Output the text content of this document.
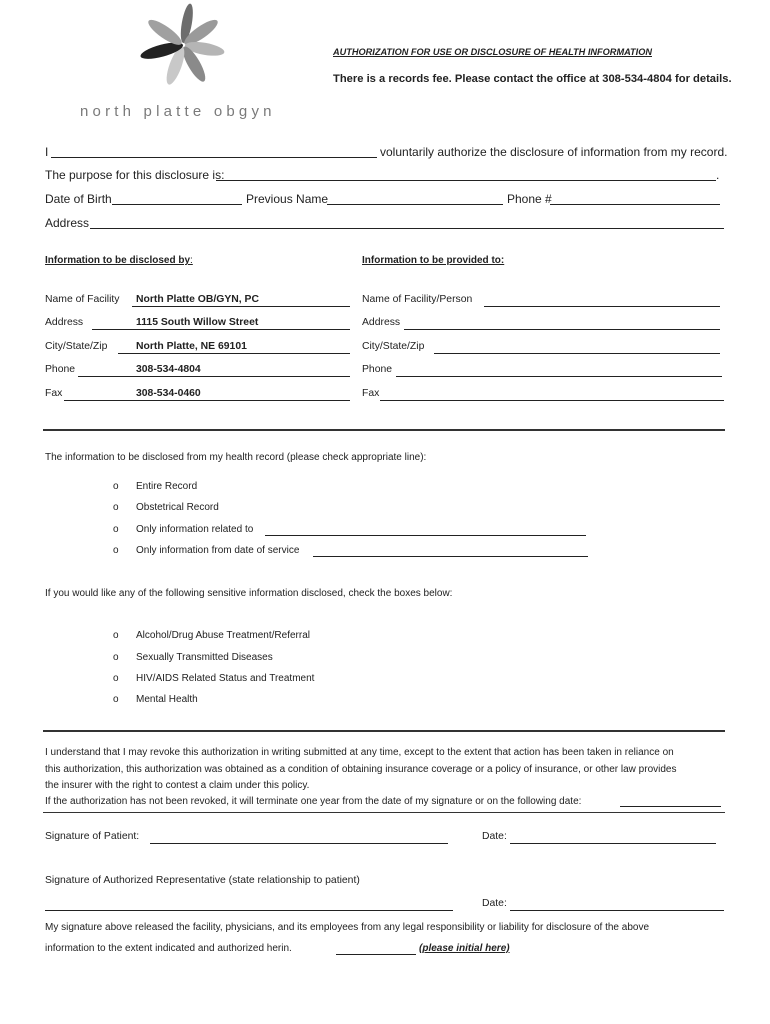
north platte obgyn
AUTHORIZATION FOR USE OR DISCLOSURE OF HEALTH INFORMATION
There is a records fee. Please contact the office at 308-534-4804 for details.
I	voluntarily authorize the disclosure of information from my record.
The purpose for this disclosure is:	.
Date of Birth	Previous Name	Phone #
Address
Information to be disclosed by:	Information to be provided to:
Name of Facility North Platte OB/GYN, PC
Address	1115 South Willow Street
City/State/Zip	North Platte, NE 69101
Phone	308-534-4804
Fax	308-534-0460
Name of Facility/Person
Address
City/State/Zip
Phone
Fax
The information to be disclosed from my health record (please check appropriate line):
o Entire Record
o Obstetrical Record
o Only information related to
o Only information from date of service
If you would like any of the following sensitive information disclosed, check the boxes below:
o Alcohol/Drug Abuse Treatment/Referral
o Sexually Transmitted Diseases
o HIV/AIDS Related Status and Treatment
o Mental Health
I understand that I may revoke this authorization in writing submitted at any time, except to the extent that action has been taken in reliance on
this authorization, this authorization was obtained as a condition of obtaining insurance coverage or a policy of insurance, or other law provides
the insurer with the right to contest a claim under this policy.
If the authorization has not been revoked, it will terminate one year from the date of my signature or on the following date:
Signature of Patient:	Date:
Signature of Authorized Representative (state relationship to patient)
Date:
My signature above released the facility, physicians, and its employees from any legal responsibility or liability for disclosure of the above
information to the extent indicated and authorized herin.	(please initial here)
